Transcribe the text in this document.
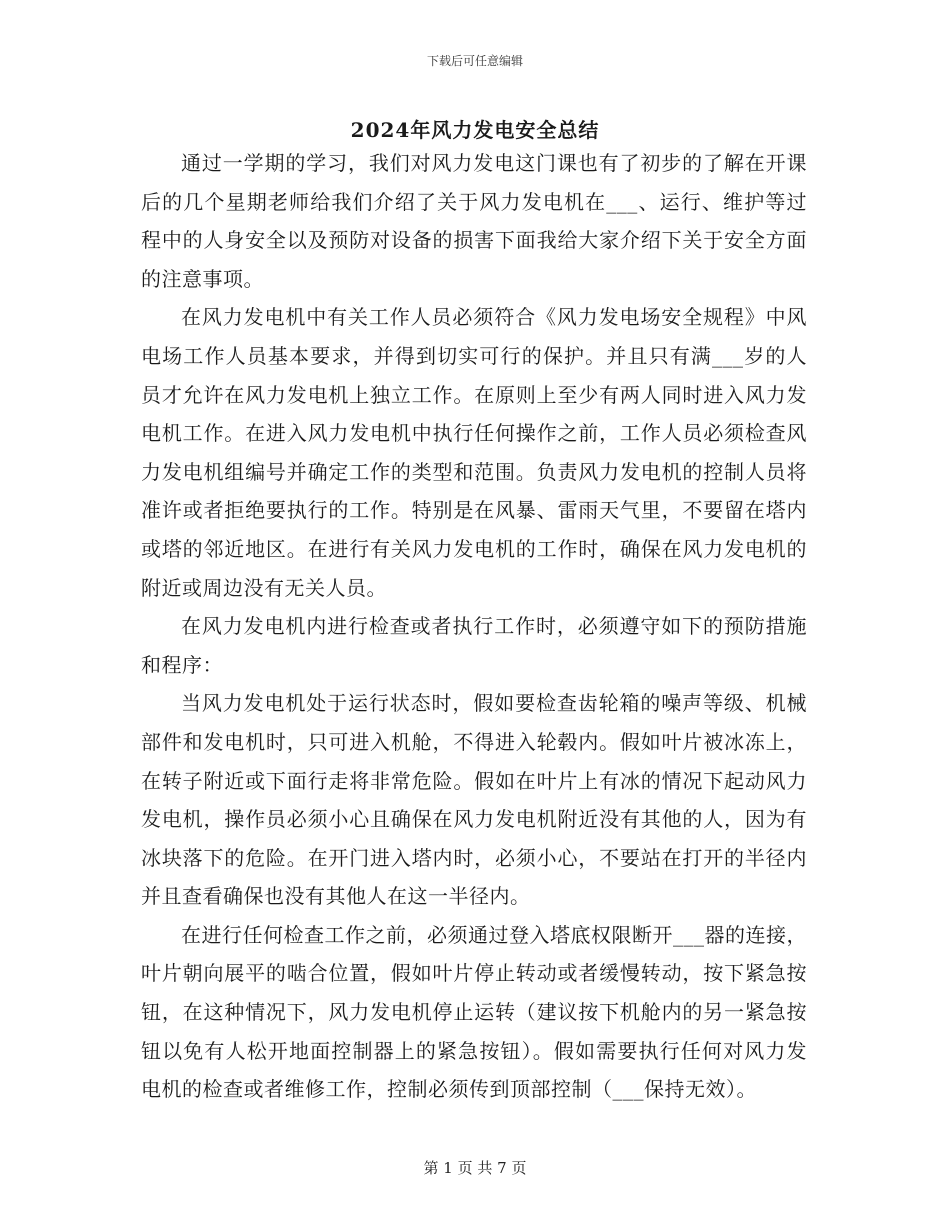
下载后可任意编辑
2024年风力发电安全总结

通过一学期的学习，我们对风力发电这门课也有了初步的了解在开课后的几个星期老师给我们介绍了关于风力发电机在___、运行、维护等过程中的人身安全以及预防对设备的损害下面我给大家介绍下关于安全方面的注意事项。

在风力发电机中有关工作人员必须符合《风力发电场安全规程》中风电场工作人员基本要求，并得到切实可行的保护。并且只有满___岁的人员才允许在风力发电机上独立工作。在原则上至少有两人同时进入风力发电机工作。在进入风力发电机中执行任何操作之前，工作人员必须检查风力发电机组编号并确定工作的类型和范围。负责风力发电机的控制人员将准许或者拒绝要执行的工作。特别是在风暴、雷雨天气里，不要留在塔内或塔的邻近地区。在进行有关风力发电机的工作时，确保在风力发电机的附近或周边没有无关人员。

在风力发电机内进行检查或者执行工作时，必须遵守如下的预防措施和程序：

当风力发电机处于运行状态时，假如要检查齿轮箱的噪声等级、机械部件和发电机时，只可进入机舱，不得进入轮毂内。假如叶片被冰冻上，在转子附近或下面行走将非常危险。假如在叶片上有冰的情况下起动风力发电机，操作员必须小心且确保在风力发电机附近没有其他的人，因为有冰块落下的危险。在开门进入塔内时，必须小心，不要站在打开的半径内并且查看确保也没有其他人在这一半径内。

在进行任何检查工作之前，必须通过登入塔底权限断开___器的连接，叶片朝向展平的啮合位置，假如叶片停止转动或者缓慢转动，按下紧急按钮，在这种情况下，风力发电机停止运转（建议按下机舱内的另一紧急按钮以免有人松开地面控制器上的紧急按钮）。假如需要执行任何对风力发电机的检查或者维修工作，控制必须传到顶部控制（___保持无效）。

第 1 页 共 7 页
